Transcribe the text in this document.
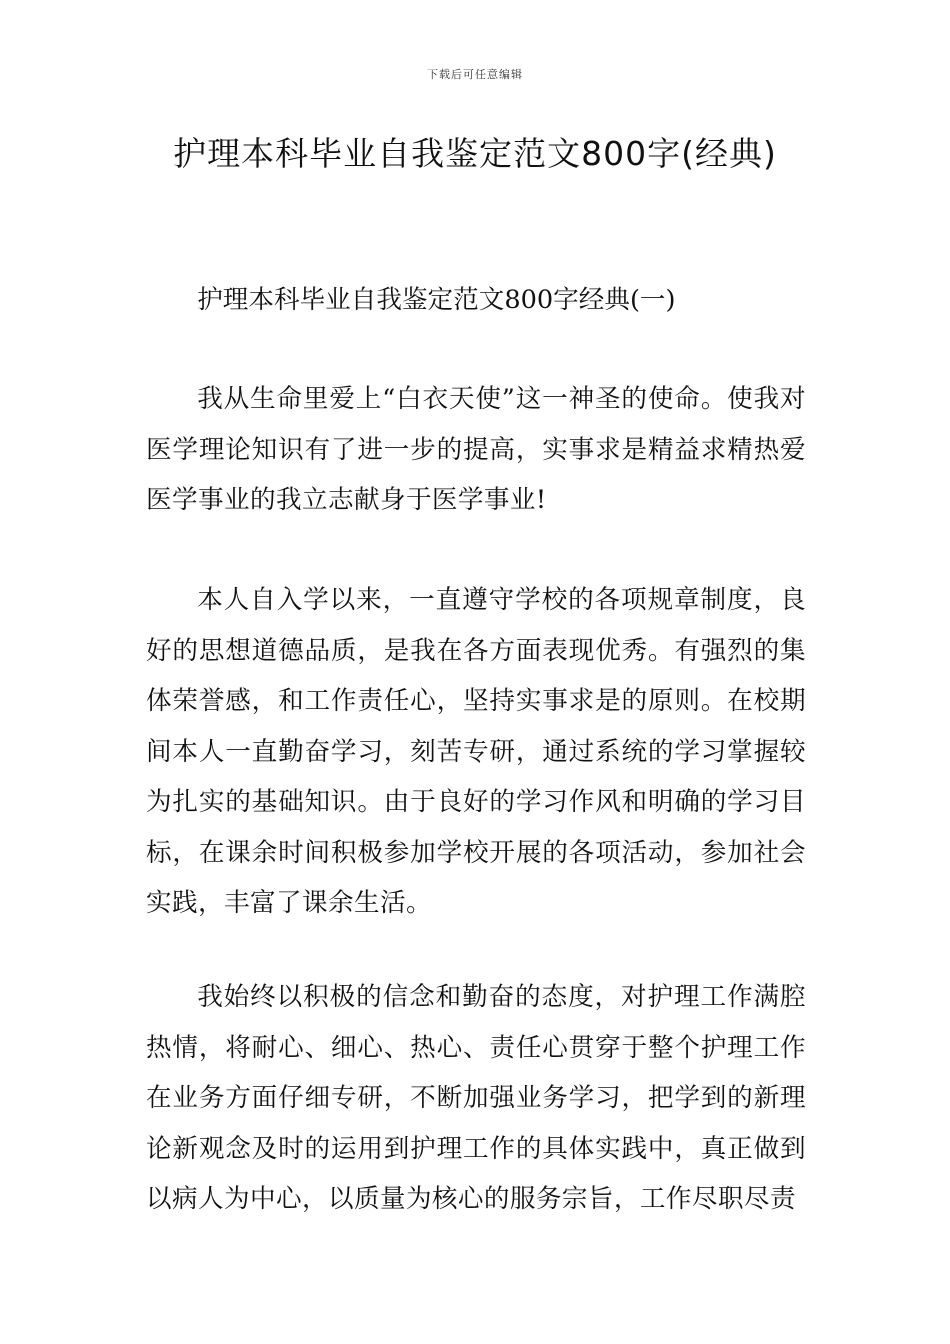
下载后可任意编辑
护理本科毕业自我鉴定范文800字(经典)
护理本科毕业自我鉴定范文800字经典(一)

我从生命里爱上“白衣天使”这一神圣的使命。使我对医学理论知识有了进一步的提高，实事求是精益求精热爱医学事业的我立志献身于医学事业!

本人自入学以来，一直遵守学校的各项规章制度，良好的思想道德品质，是我在各方面表现优秀。有强烈的集体荣誉感，和工作责任心，坚持实事求是的原则。在校期间本人一直勤奋学习，刻苦专研，通过系统的学习掌握较为扎实的基础知识。由于良好的学习作风和明确的学习目标，在课余时间积极参加学校开展的各项活动，参加社会实践，丰富了课余生活。

我始终以积极的信念和勤奋的态度，对护理工作满腔热情，将耐心、细心、热心、责任心贯穿于整个护理工作在业务方面仔细专研，不断加强业务学习，把学到的新理论新观念及时的运用到护理工作的具体实践中，真正做到以病人为中心，以质量为核心的服务宗旨，工作尽职尽责
